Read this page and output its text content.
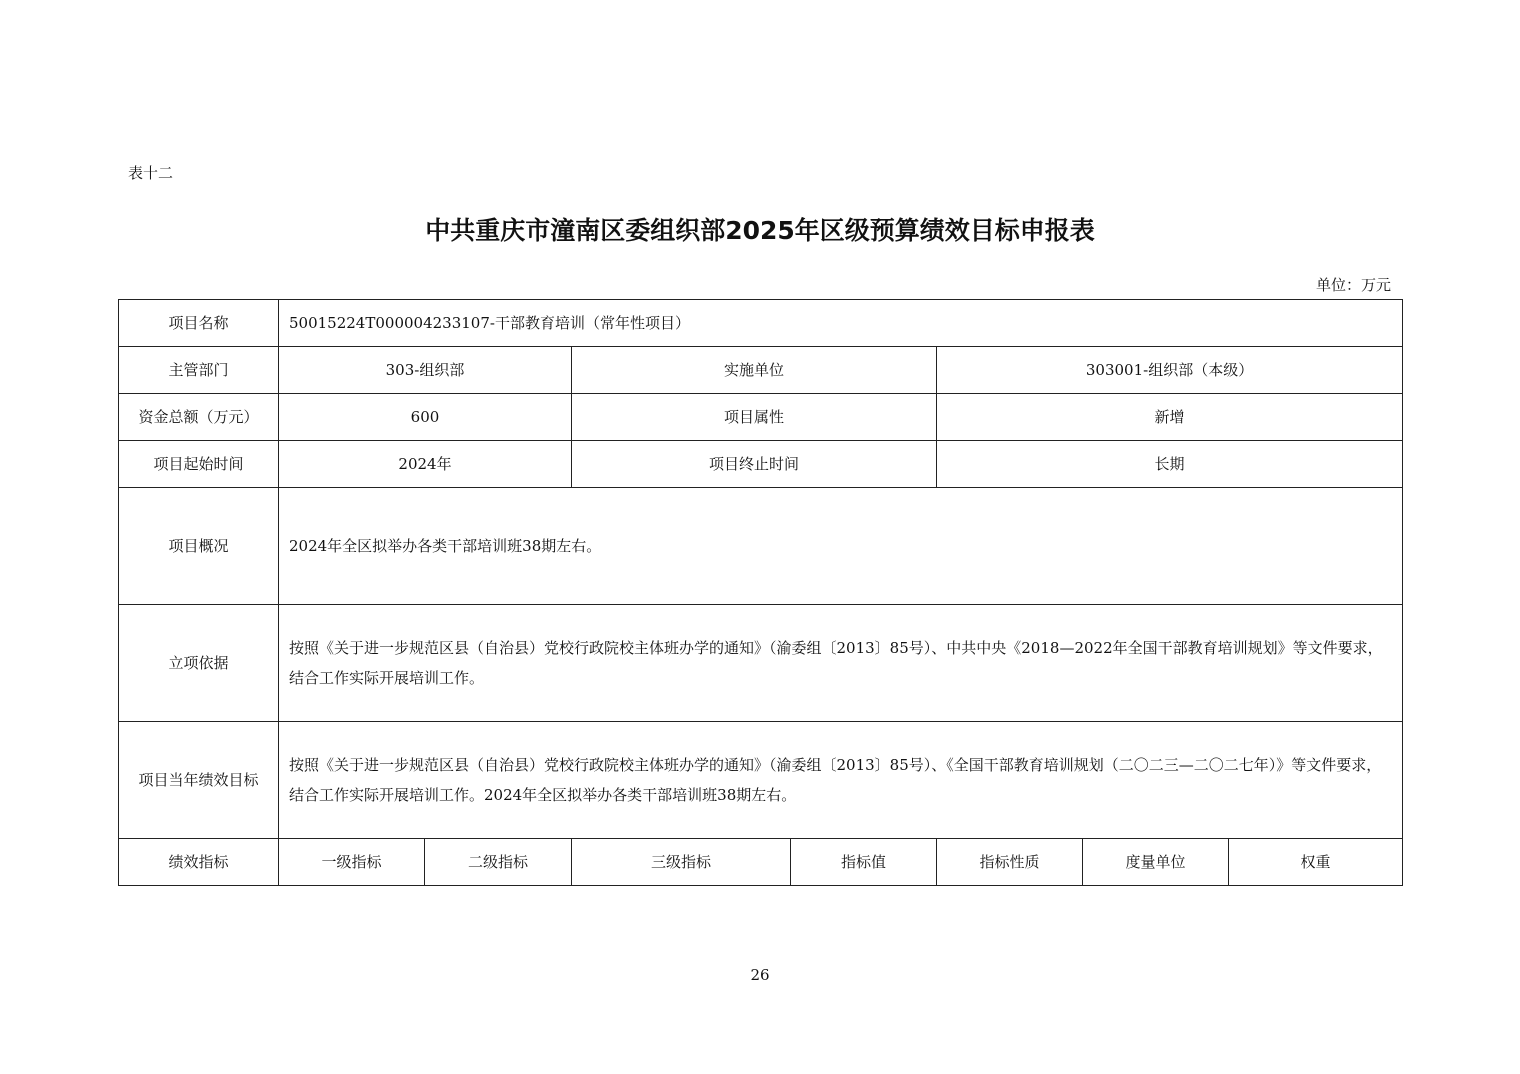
表十二
中共重庆市潼南区委组织部2025年区级预算绩效目标申报表
单位：万元
项目名称	50015224T000004233107-干部教育培训（常年性项目）						
主管部门	303-组织部		实施单位		303001-组织部（本级）		
资金总额（万元）	600		项目属性		新增		
项目起始时间	2024年		项目终止时间		长期		
项目概况	2024年全区拟举办各类干部培训班38期左右。						
立项依据	按照《关于进一步规范区县（自治县）党校行政院校主体班办学的通知》（渝委组〔2013〕85号）、中共中央《2018—2022年全国干部教育培训规划》等文件要求，结合工作实际开展培训工作。						
项目当年绩效目标	按照《关于进一步规范区县（自治县）党校行政院校主体班办学的通知》（渝委组〔2013〕85号）、《全国干部教育培训规划（二〇二三—二〇二七年）》等文件要求，结合工作实际开展培训工作。2024年全区拟举办各类干部培训班38期左右。						
绩效指标	一级指标	二级指标	三级指标	指标值	指标性质	度量单位	权重
26
